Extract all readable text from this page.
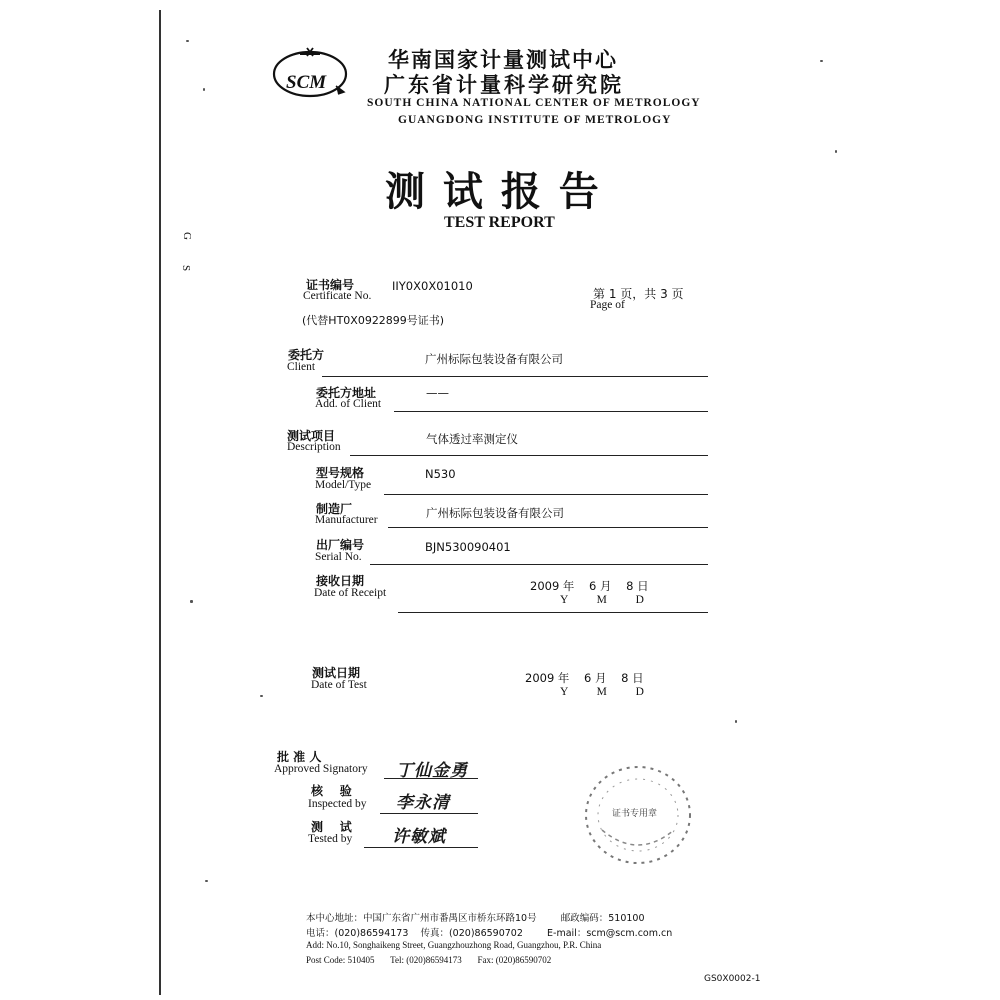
G
S
SCM
华南国家计量测试中心
广东省计量科学研究院
SOUTH CHINA NATIONAL CENTER OF METROLOGY
GUANGDONG INSTITUTE OF METROLOGY
测 试 报 告
TEST REPORT
证书编号
Certificate No.
IIY0X0X01010
(代替HT0X0922899号证书)
第 1 页，共 3 页
Page of
委托方
Client
广州标际包装设备有限公司
委托方地址
Add. of Client
——
测试项目
Description
气体透过率测定仪
型号规格
Model/Type
N530
制造厂
Manufacturer	广州标际包装设备有限公司
出厂编号
Serial No.
BJN530090401
接收日期
Date of Receipt	2009 年    6 月    8 日
Y          M          D
测试日期
Date of Test	2009 年    6 月    8 日
Y          M          D
批 准 人
Approved Signatory 丁仙金勇
核    验
Inspected by 李永清
测    试
Tested by 许敏斌
证书专用章
本中心地址：中国广东省广州市番禺区市桥东环路10号        邮政编码：510100
电话：(020)86594173    传真：(020)86590702        E-mail：scm@scm.com.cn
Add: No.10, Songhaikeng Street, Guangzhouzhong Road, Guangzhou, P.R. China
Post Code: 510405       Tel: (020)86594173       Fax: (020)86590702
GS0X0002-1
